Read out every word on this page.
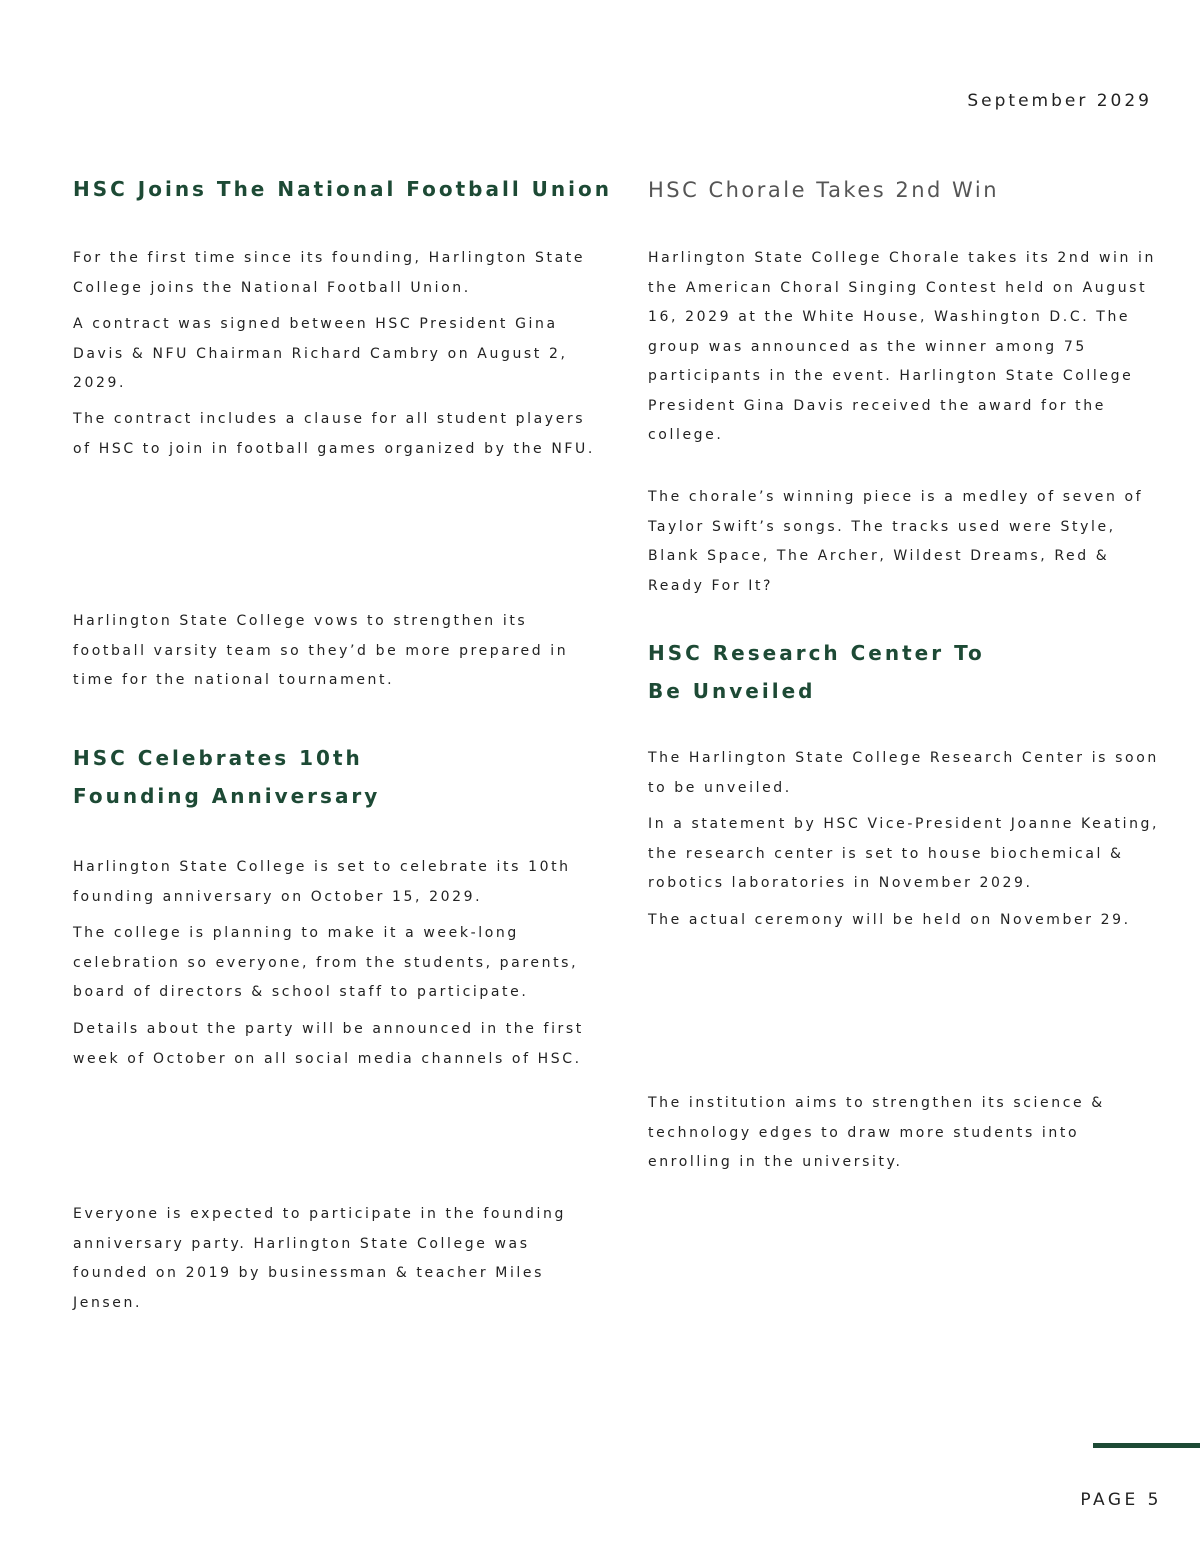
September 2029

HSC Joins The National Football Union

For the first time since its founding, Harlington State
College joins the National Football Union.

A contract was signed between HSC President Gina
Davis & NFU Chairman Richard Cambry on August 2,
2029.

The contract includes a clause for all student players
of HSC to join in football games organized by the NFU.

Harlington State College vows to strengthen its
football varsity team so they’d be more prepared in
time for the national tournament.

HSC Celebrates 10th
Founding Anniversary

Harlington State College is set to celebrate its 10th
founding anniversary on October 15, 2029.

The college is planning to make it a week-long
celebration so everyone, from the students, parents,
board of directors & school staff to participate.

Details about the party will be announced in the first
week of October on all social media channels of HSC.

Everyone is expected to participate in the founding
anniversary party. Harlington State College was
founded on 2019 by businessman & teacher Miles
Jensen.

HSC Chorale Takes 2nd Win

Harlington State College Chorale takes its 2nd win in
the American Choral Singing Contest held on August
16, 2029 at the White House, Washington D.C. The
group was announced as the winner among 75
participants in the event. Harlington State College
President Gina Davis received the award for the
college.

The chorale’s winning piece is a medley of seven of
Taylor Swift’s songs. The tracks used were Style,
Blank Space, The Archer, Wildest Dreams, Red &
Ready For It?

HSC Research Center To
Be Unveiled

The Harlington State College Research Center is soon
to be unveiled.

In a statement by HSC Vice-President Joanne Keating,
the research center is set to house biochemical &
robotics laboratories in November 2029.

The actual ceremony will be held on November 29.

The institution aims to strengthen its science &
technology edges to draw more students into
enrolling in the university.

PAGE 5
